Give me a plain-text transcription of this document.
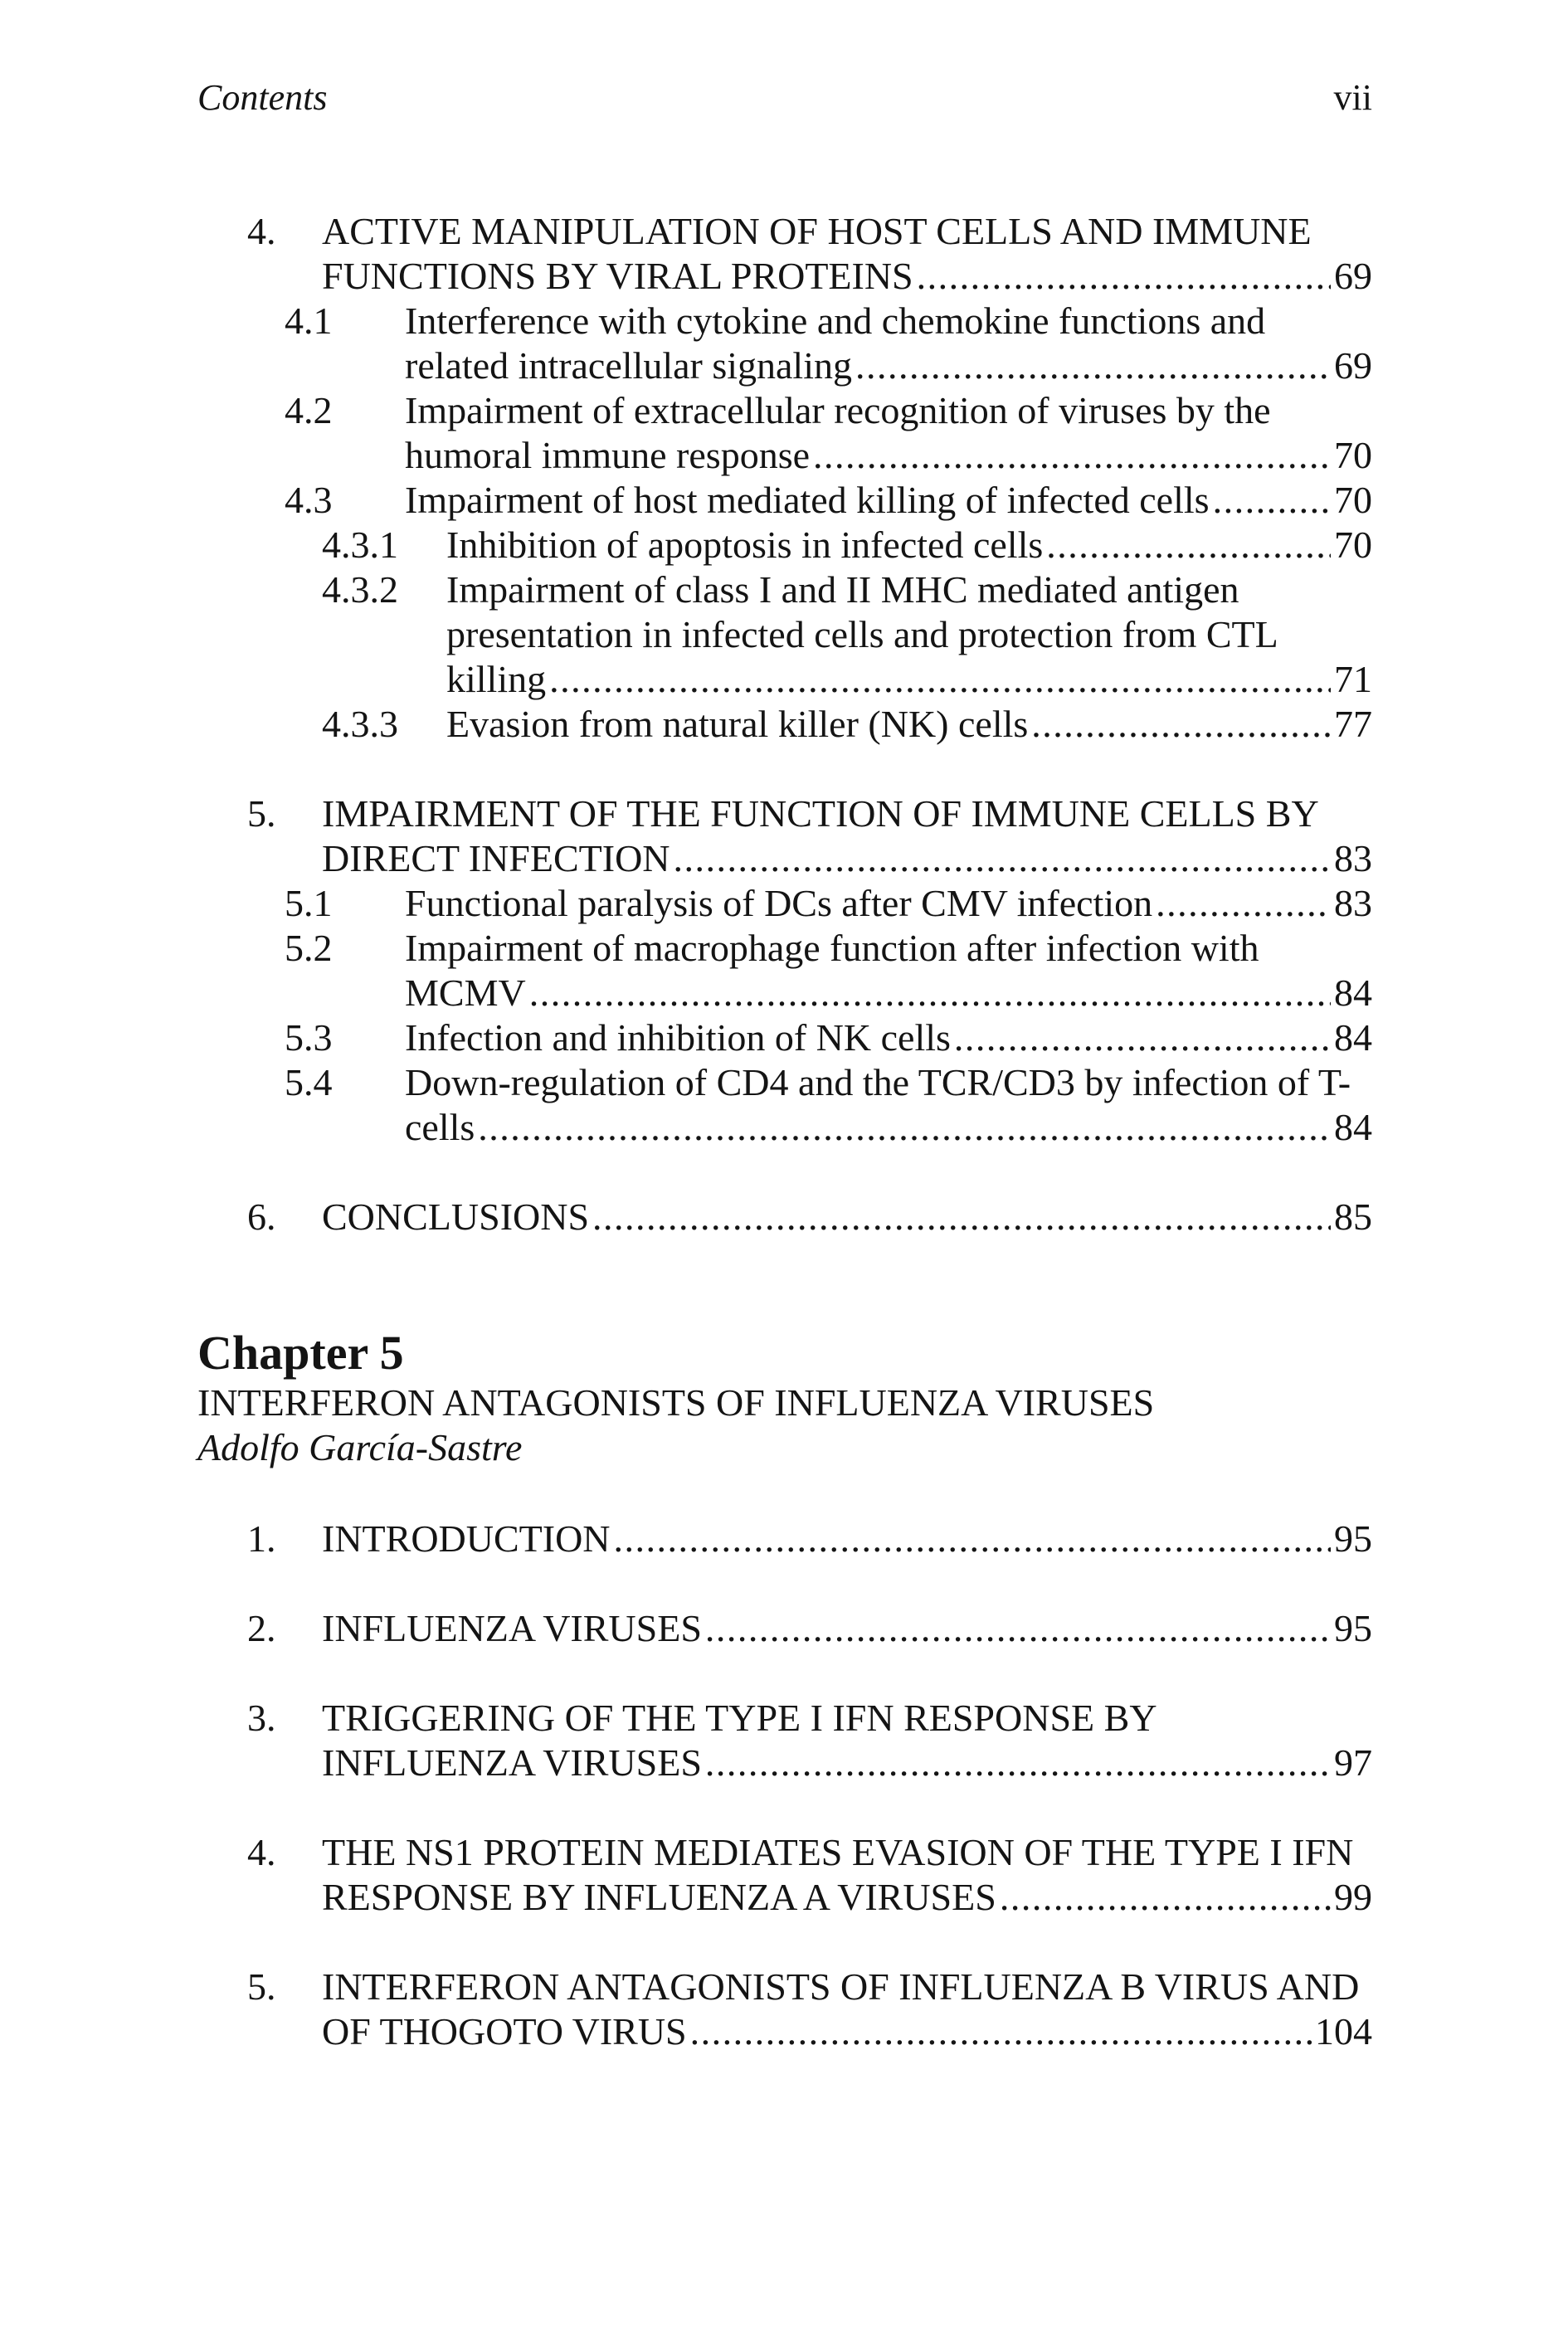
Contents	vii
4. ACTIVE MANIPULATION OF HOST CELLS AND IMMUNE
FUNCTIONS BY VIRAL PROTEINS . . .	69
4.1 Interference with cytokine and chemokine functions and
related intracellular signaling . . .	69
4.2 Impairment of extracellular recognition of viruses by the
humoral immune response . . .	70
4.3 Impairment of host mediated killing of infected cells . . .	70
4.3.1 Inhibition of apoptosis in infected cells . . .	70
4.3.2 Impairment of class I and II MHC mediated antigen
presentation in infected cells and protection from CTL
killing . . .	71
4.3.3 Evasion from natural killer (NK) cells . . .	77
5. IMPAIRMENT OF THE FUNCTION OF IMMUNE CELLS BY
DIRECT INFECTION . . .	83
5.1 Functional paralysis of DCs after CMV infection . . .	83
5.2 Impairment of macrophage function after infection with
MCMV . . .	84
5.3 Infection and inhibition of NK cells . . .	84
5.4 Down-regulation of CD4 and the TCR/CD3 by infection of T-
cells . . .	84
6. CONCLUSIONS . . .	85
Chapter 5
INTERFERON ANTAGONISTS OF INFLUENZA VIRUSES
Adolfo García-Sastre
1. INTRODUCTION . . .	95
2. INFLUENZA VIRUSES . . .	95
3. TRIGGERING OF THE TYPE I IFN RESPONSE BY
INFLUENZA VIRUSES . . .	97
4. THE NS1 PROTEIN MEDIATES EVASION OF THE TYPE I IFN
RESPONSE BY INFLUENZA A VIRUSES . . .	99
5. INTERFERON ANTAGONISTS OF INFLUENZA B VIRUS AND
OF THOGOTO VIRUS . . .	104
